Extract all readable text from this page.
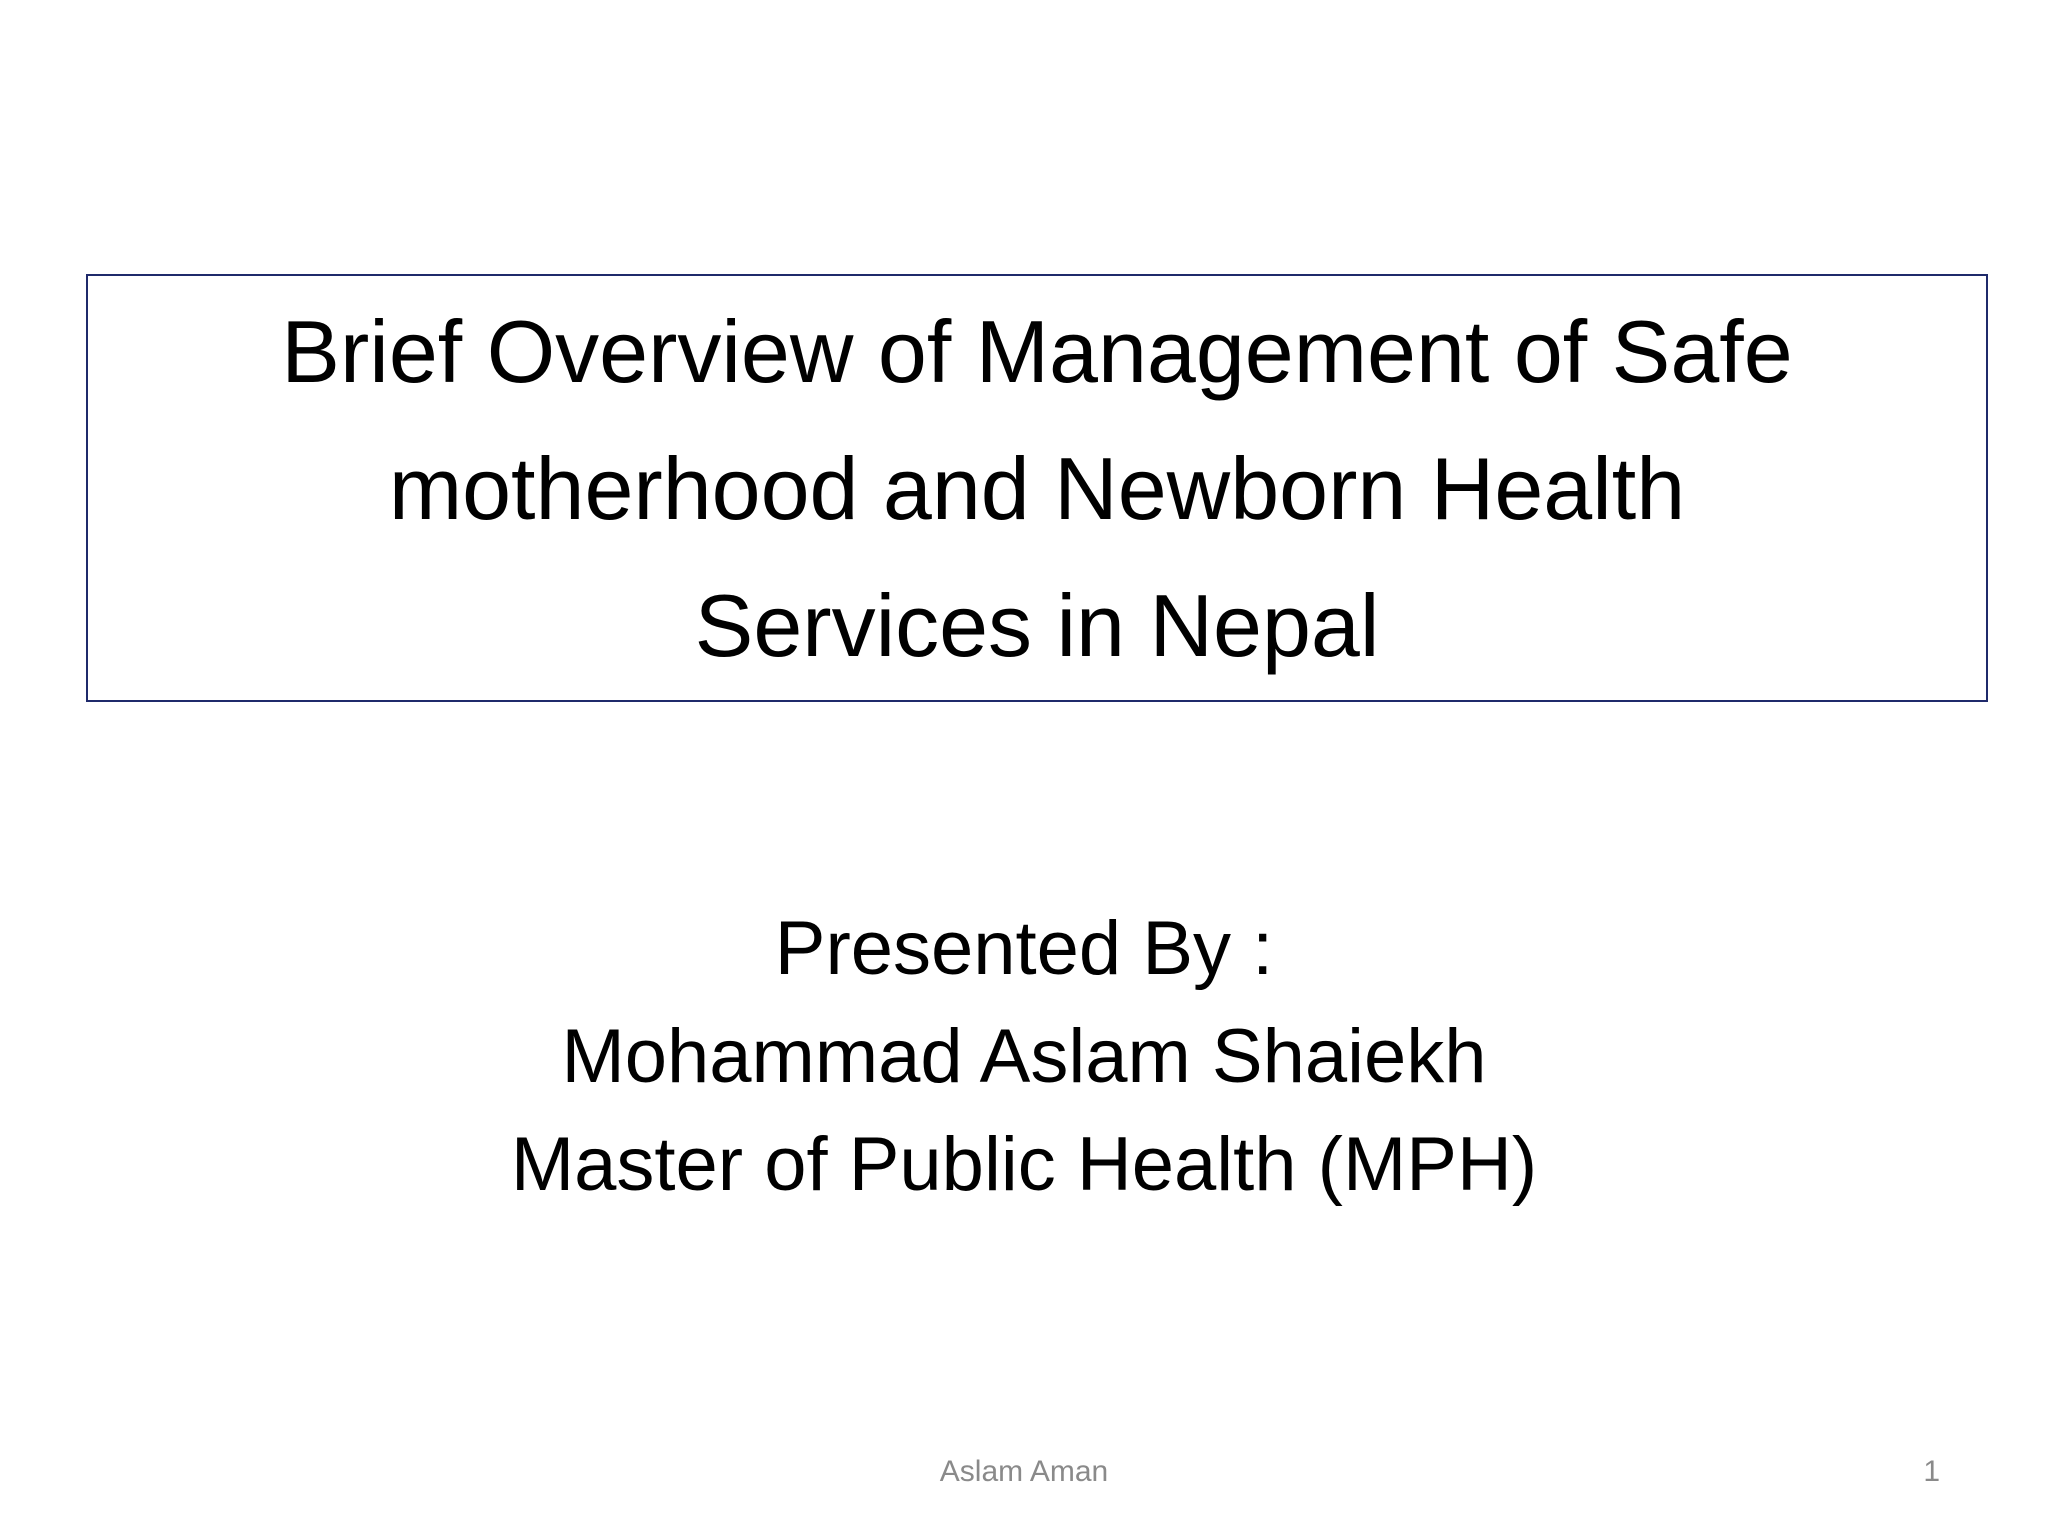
Brief Overview of Management of Safe
motherhood and Newborn Health
Services in Nepal
Presented By :
Mohammad Aslam Shaiekh
Master of Public Health (MPH)
Aslam Aman	1
